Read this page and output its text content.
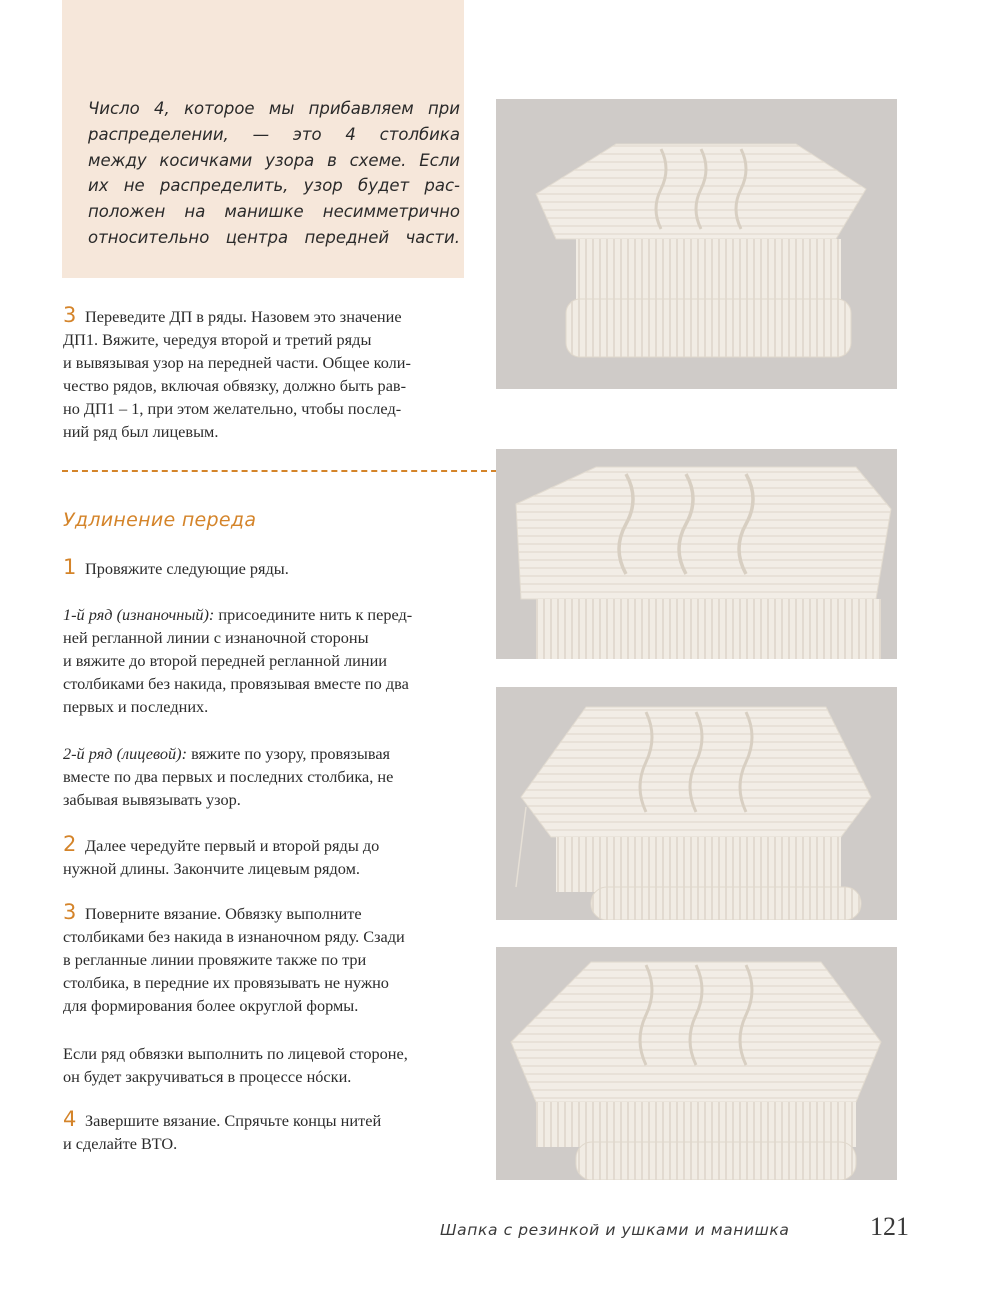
Число 4, которое мы прибавляем при
распределении, — это 4 столбика
между косичками узора в схеме. Если
их не распределить, узор будет рас-
положен на манишке несимметрично
относительно центра передней части.

3 Переведите ДП в ряды. Назовем это значение
ДП1. Вяжите, чередуя второй и третий ряды
и вывязывая узор на передней части. Общее коли-
чество рядов, включая обвязку, должно быть рав-
но ДП1 – 1, при этом желательно, чтобы послед-
ний ряд был лицевым.

Удлинение переда

1 Провяжите следующие ряды.

1-й ряд (изнаночный): присоедините нить к перед-
ней регланной линии с изнаночной стороны
и вяжите до второй передней регланной линии
столбиками без накида, провязывая вместе по два
первых и последних.

2-й ряд (лицевой): вяжите по узору, провязывая
вместе по два первых и последних столбика, не
забывая вывязывать узор.

2 Далее чередуйте первый и второй ряды до
нужной длины. Закончите лицевым рядом.

3 Поверните вязание. Обвязку выполните
столбиками без накида в изнаночном ряду. Сзади
в регланные линии провяжите также по три
столбика, в передние их провязывать не нужно
для формирования более округлой формы.

Если ряд обвязки выполнить по лицевой стороне,
он будет закручиваться в процессе нóски.

4 Завершите вязание. Спрячьте концы нитей
и сделайте ВТО.

Шапка с резинкой и ушками и манишка	121
